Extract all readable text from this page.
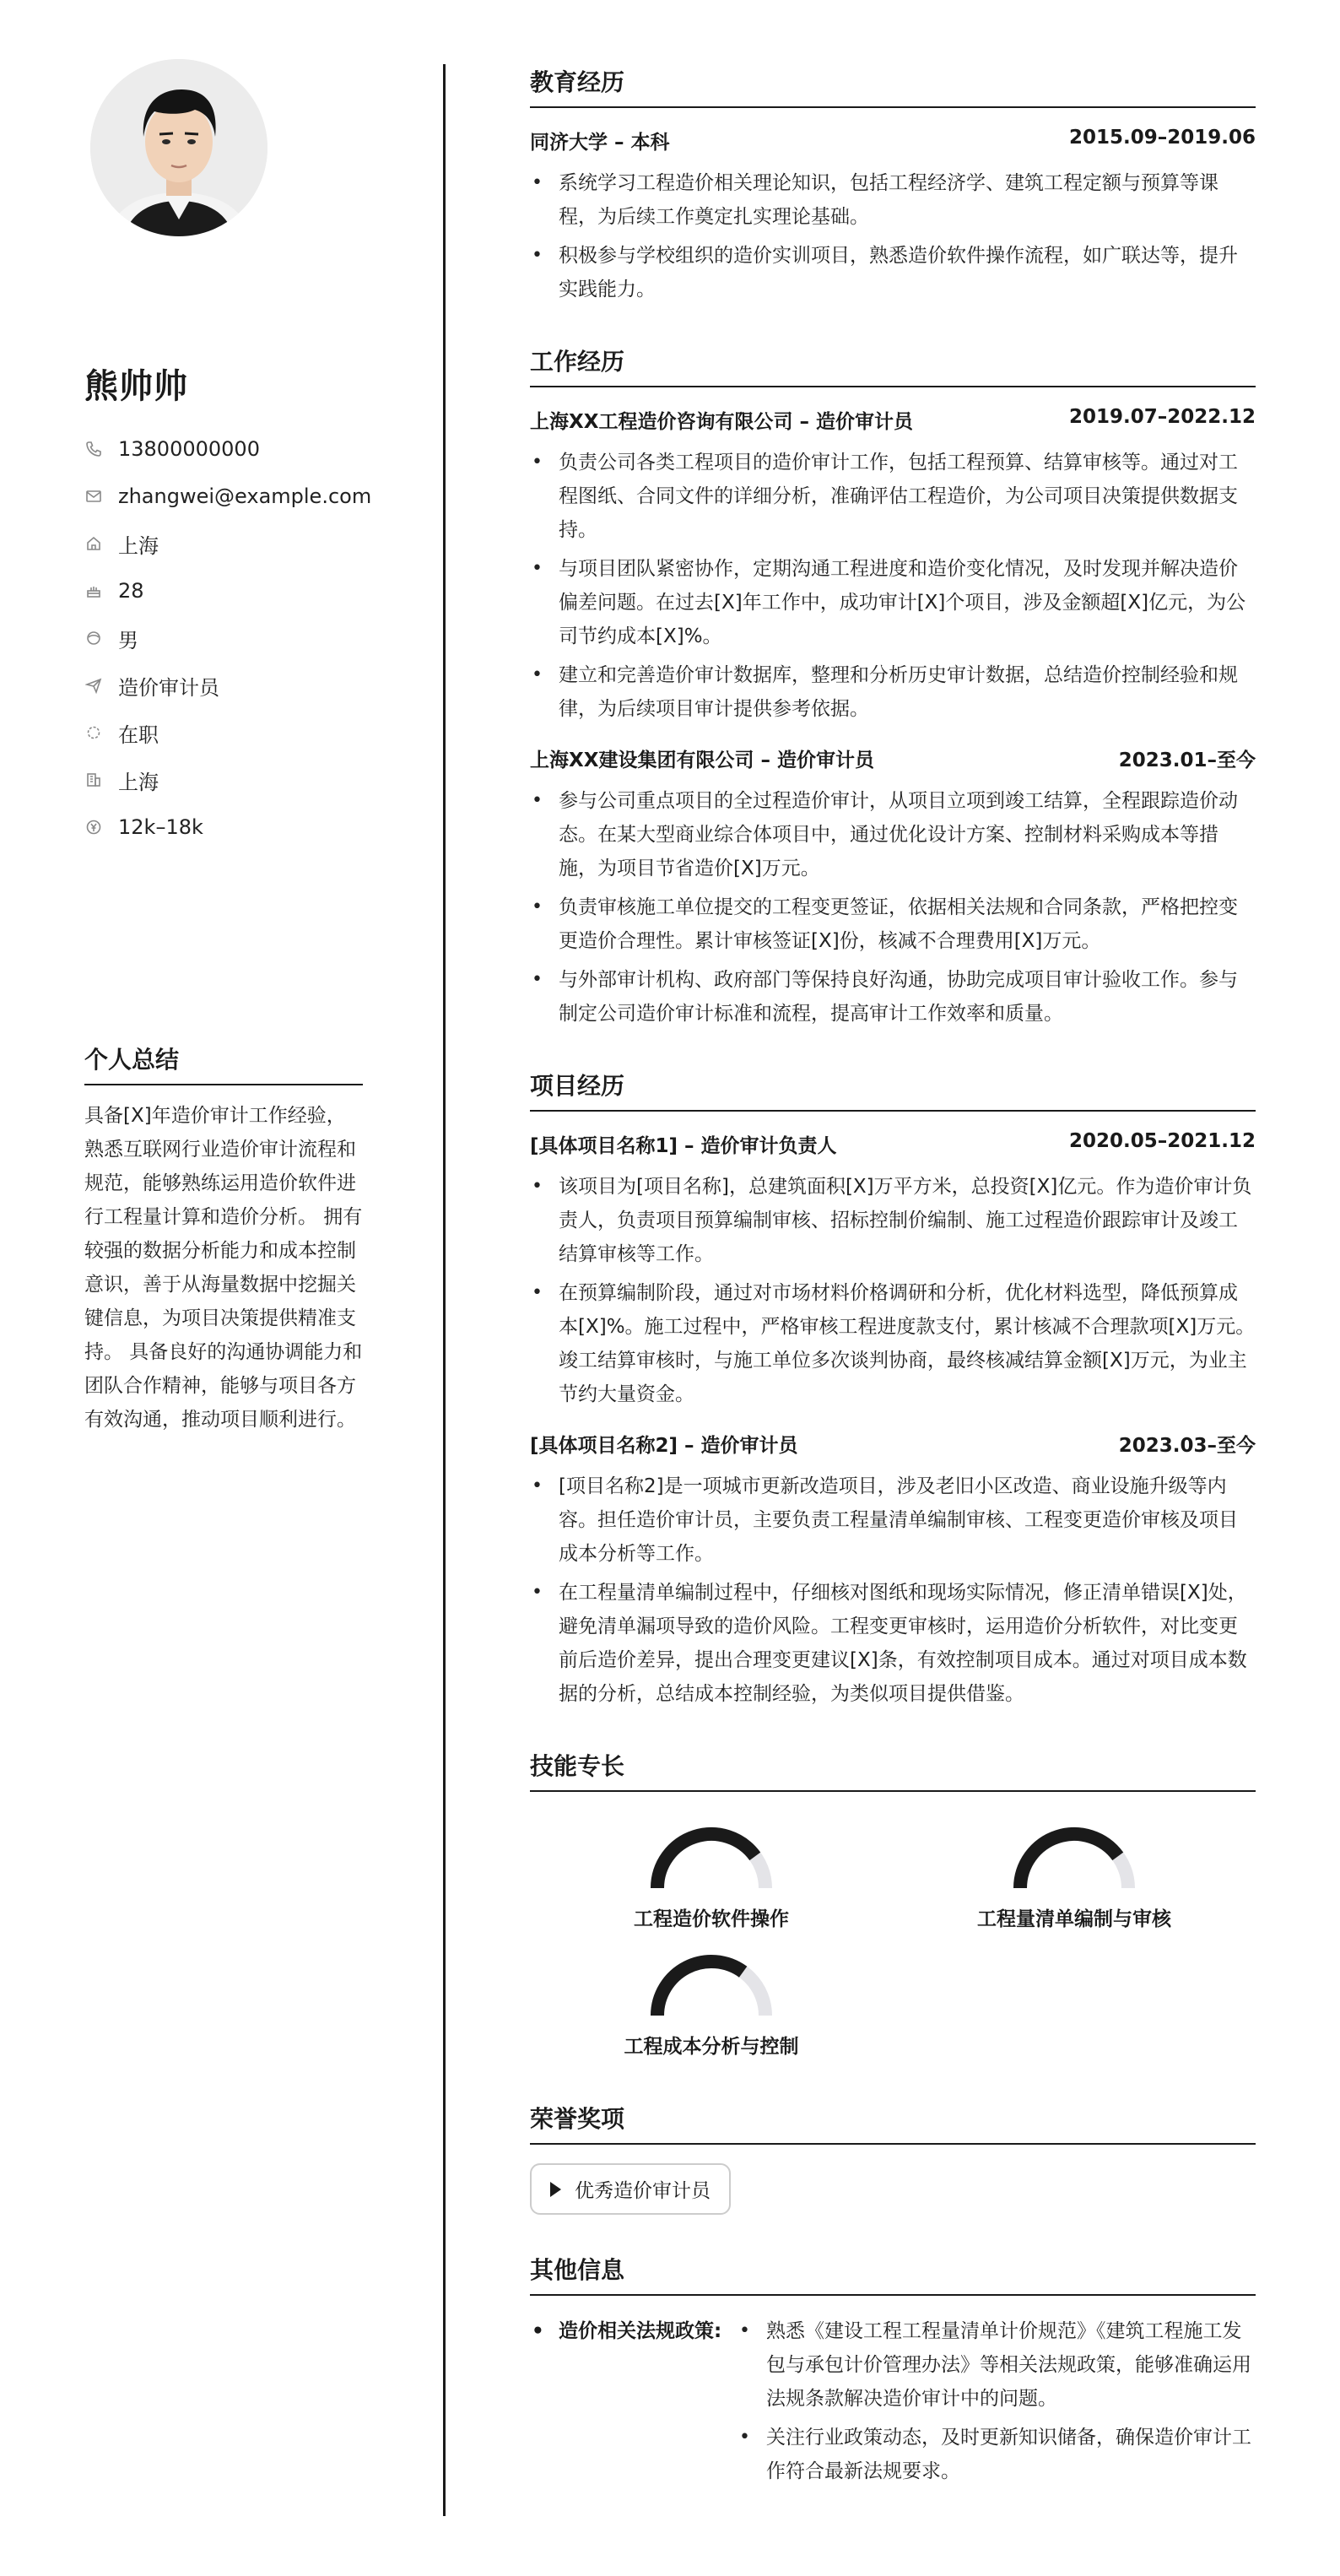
熊帅帅
13800000000
zhangwei@example.com
上海
28
男
造价审计员
在职
上海
12k–18k
个人总结
具备[X]年造价审计工作经验，熟悉互联网行业造价审计流程和规范，能够熟练运用造价软件进行工程量计算和造价分析。 拥有较强的数据分析能力和成本控制意识，善于从海量数据中挖掘关键信息，为项目决策提供精准支持。 具备良好的沟通协调能力和团队合作精神，能够与项目各方有效沟通，推动项目顺利进行。
教育经历
同济大学 – 本科	2015.09–2019.06
• 系统学习工程造价相关理论知识，包括工程经济学、建筑工程定额与预算等课程，为后续工作奠定扎实理论基础。
• 积极参与学校组织的造价实训项目，熟悉造价软件操作流程，如广联达等，提升实践能力。
工作经历
上海XX工程造价咨询有限公司 – 造价审计员	2019.07–2022.12
• 负责公司各类工程项目的造价审计工作，包括工程预算、结算审核等。通过对工程图纸、合同文件的详细分析，准确评估工程造价，为公司项目决策提供数据支持。
• 与项目团队紧密协作，定期沟通工程进度和造价变化情况，及时发现并解决造价偏差问题。在过去[X]年工作中，成功审计[X]个项目，涉及金额超[X]亿元，为公司节约成本[X]%。
• 建立和完善造价审计数据库，整理和分析历史审计数据，总结造价控制经验和规律，为后续项目审计提供参考依据。
上海XX建设集团有限公司 – 造价审计员	2023.01–至今
• 参与公司重点项目的全过程造价审计，从项目立项到竣工结算，全程跟踪造价动态。在某大型商业综合体项目中，通过优化设计方案、控制材料采购成本等措施，为项目节省造价[X]万元。
• 负责审核施工单位提交的工程变更签证，依据相关法规和合同条款，严格把控变更造价合理性。累计审核签证[X]份，核减不合理费用[X]万元。
• 与外部审计机构、政府部门等保持良好沟通，协助完成项目审计验收工作。参与制定公司造价审计标准和流程，提高审计工作效率和质量。
项目经历
[具体项目名称1] – 造价审计负责人	2020.05–2021.12
• 该项目为[项目名称]，总建筑面积[X]万平方米，总投资[X]亿元。作为造价审计负责人，负责项目预算编制审核、招标控制价编制、施工过程造价跟踪审计及竣工结算审核等工作。
• 在预算编制阶段，通过对市场材料价格调研和分析，优化材料选型，降低预算成本[X]%。施工过程中，严格审核工程进度款支付，累计核减不合理款项[X]万元。竣工结算审核时，与施工单位多次谈判协商，最终核减结算金额[X]万元，为业主节约大量资金。
[具体项目名称2] – 造价审计员	2023.03–至今
• [项目名称2]是一项城市更新改造项目，涉及老旧小区改造、商业设施升级等内容。担任造价审计员，主要负责工程量清单编制审核、工程变更造价审核及项目成本分析等工作。
• 在工程量清单编制过程中，仔细核对图纸和现场实际情况，修正清单错误[X]处，避免清单漏项导致的造价风险。工程变更审核时，运用造价分析软件，对比变更前后造价差异，提出合理变更建议[X]条，有效控制项目成本。通过对项目成本数据的分析，总结成本控制经验，为类似项目提供借鉴。
技能专长
工程造价软件操作	工程量清单编制与审核
工程成本分析与控制
荣誉奖项
优秀造价审计员
其他信息
• 造价相关法规政策:
•	熟悉《建设工程工程量清单计价规范》《建筑工程施工发包与承包计价管理办法》等相关法规政策，能够准确运用法规条款解决造价审计中的问题。
• 关注行业政策动态，及时更新知识储备，确保造价审计工作符合最新法规要求。
